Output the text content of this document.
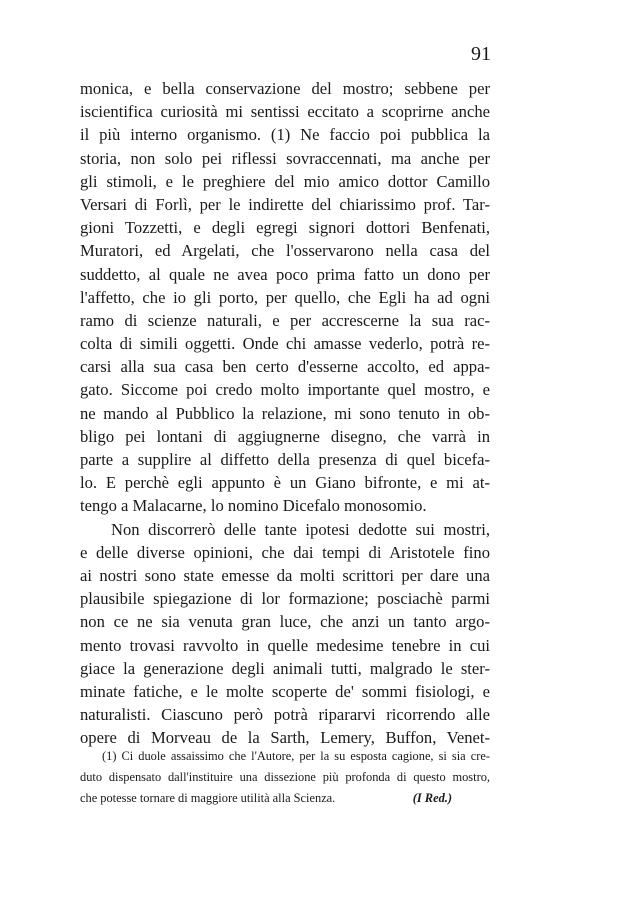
91
monica, e bella conservazione del mostro; sebbene per
iscientifica curiosità mi sentissi eccitato a scoprirne anche
il più interno organismo. (1) Ne faccio poi pubblica la
storia, non solo pei riflessi sovraccennati, ma anche per
gli stimoli, e le preghiere del mio amico dottor Camillo
Versari di Forlì, per le indirette del chiarissimo prof. Tar-
gioni Tozzetti, e degli egregi signori dottori Benfenati,
Muratori, ed Argelati, che l'osservarono nella casa del
suddetto, al quale ne avea poco prima fatto un dono per
l'affetto, che io gli porto, per quello, che Egli ha ad ogni
ramo di scienze naturali, e per accrescerne la sua rac-
colta di simili oggetti. Onde chi amasse vederlo, potrà re-
carsi alla sua casa ben certo d'esserne accolto, ed appa-
gato. Siccome poi credo molto importante quel mostro, e
ne mando al Pubblico la relazione, mi sono tenuto in ob-
bligo pei lontani di aggiugnerne disegno, che varrà in
parte a supplire al diffetto della presenza di quel bicefa-
lo. E perchè egli appunto è un Giano bifronte, e mi at-
tengo a Malacarne, lo nomino Dicefalo monosomio.
Non discorrerò delle tante ipotesi dedotte sui mostri,
e delle diverse opinioni, che dai tempi di Aristotele fino
ai nostri sono state emesse da molti scrittori per dare una
plausibile spiegazione di lor formazione; posciachè parmi
non ce ne sia venuta gran luce, che anzi un tanto argo-
mento trovasi ravvolto in quelle medesime tenebre in cui
giace la generazione degli animali tutti, malgrado le ster-
minate fatiche, e le molte scoperte de' sommi fisiologi, e
naturalisti. Ciascuno però potrà ripararvi ricorrendo alle
opere di Morveau de la Sarth, Lemery, Buffon, Venet-
(1) Ci duole assaissimo che l'Autore, per la su esposta cagione, si sia cre-
duto dispensato dall'instituire una dissezione più profonda di questo mostro,
che potesse tornare di maggiore utilità alla Scienza.	(I Red.)
